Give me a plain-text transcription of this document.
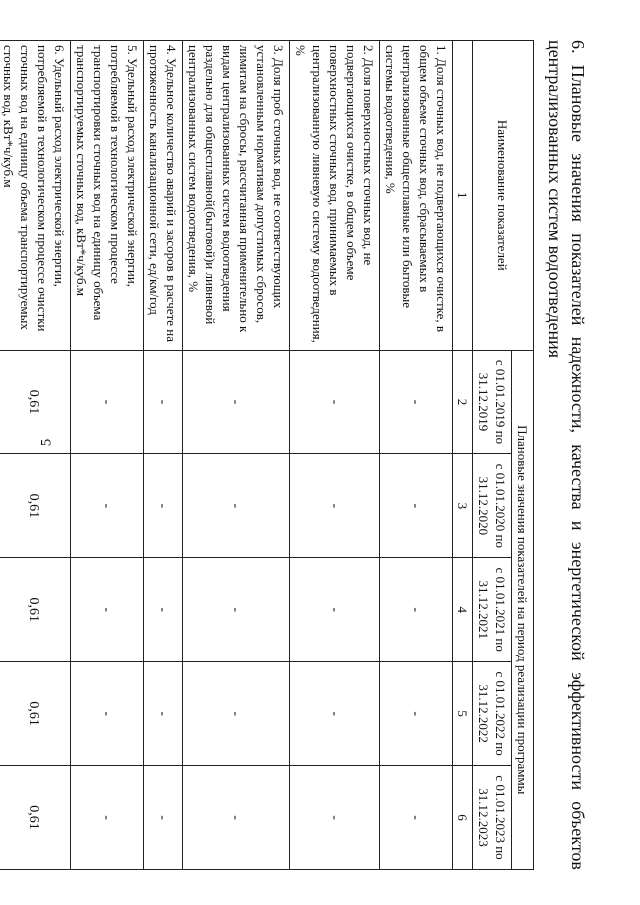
5
6.
Плановые
значения
показателей
надежности,
качества
и
энергетической
эффективности
объектов
централизованных систем водоотведения
Наименование показателей	Плановые значения показателей на период реализации программы				
	с 01.01.2019 по 31.12.2019	с 01.01.2020 по 31.12.2020	с 01.01.2021 по 31.12.2021	с 01.01.2022 по 31.12.2022	с 01.01.2023 по 31.12.2023
1	2	3	4	5	6
1. Доля сточных вод, не подвергающихся очистке, в общем объеме сточных вод, сбрасываемых в централизованные общесплавные или бытовые системы водоотведения, %	-	-	-	-	-
2. Доля поверхностных сточных вод, не подвергающихся очистке, в общем объеме поверхностных сточных вод, принимаемых в централизованную ливневую систему водоотведения, %	-	-	-	-	-
3. Доля проб сточных вод, не соответствующих установленным нормативам допустимых сбросов, лимитам на сбросы, рассчитанная применительно к видам централизованных систем водоотведения раздельно для общесплавной(бытовой)и ливневой централизованных систем водоотведения, %	-	-	-	-	-
4. Удельное количество аварий и засоров в расчете на протяженность канализационной сети, ед/км/год	-	-	-	-	-
5. Удельный расход электрической энергии, потребляемой в технологическом процессе транспортировки сточных вод на единицу объема транспортируемых сточных вод, кВт*ч/куб.м	-	-	-	-	-
6. Удельный расход электрической энергии, потребляемой в технологическом процессе очистки сточных вод на единицу объема транспортируемых сточных вод, кВт*ч/куб.м	0,61	0,61	0,61	0,61	0,61
